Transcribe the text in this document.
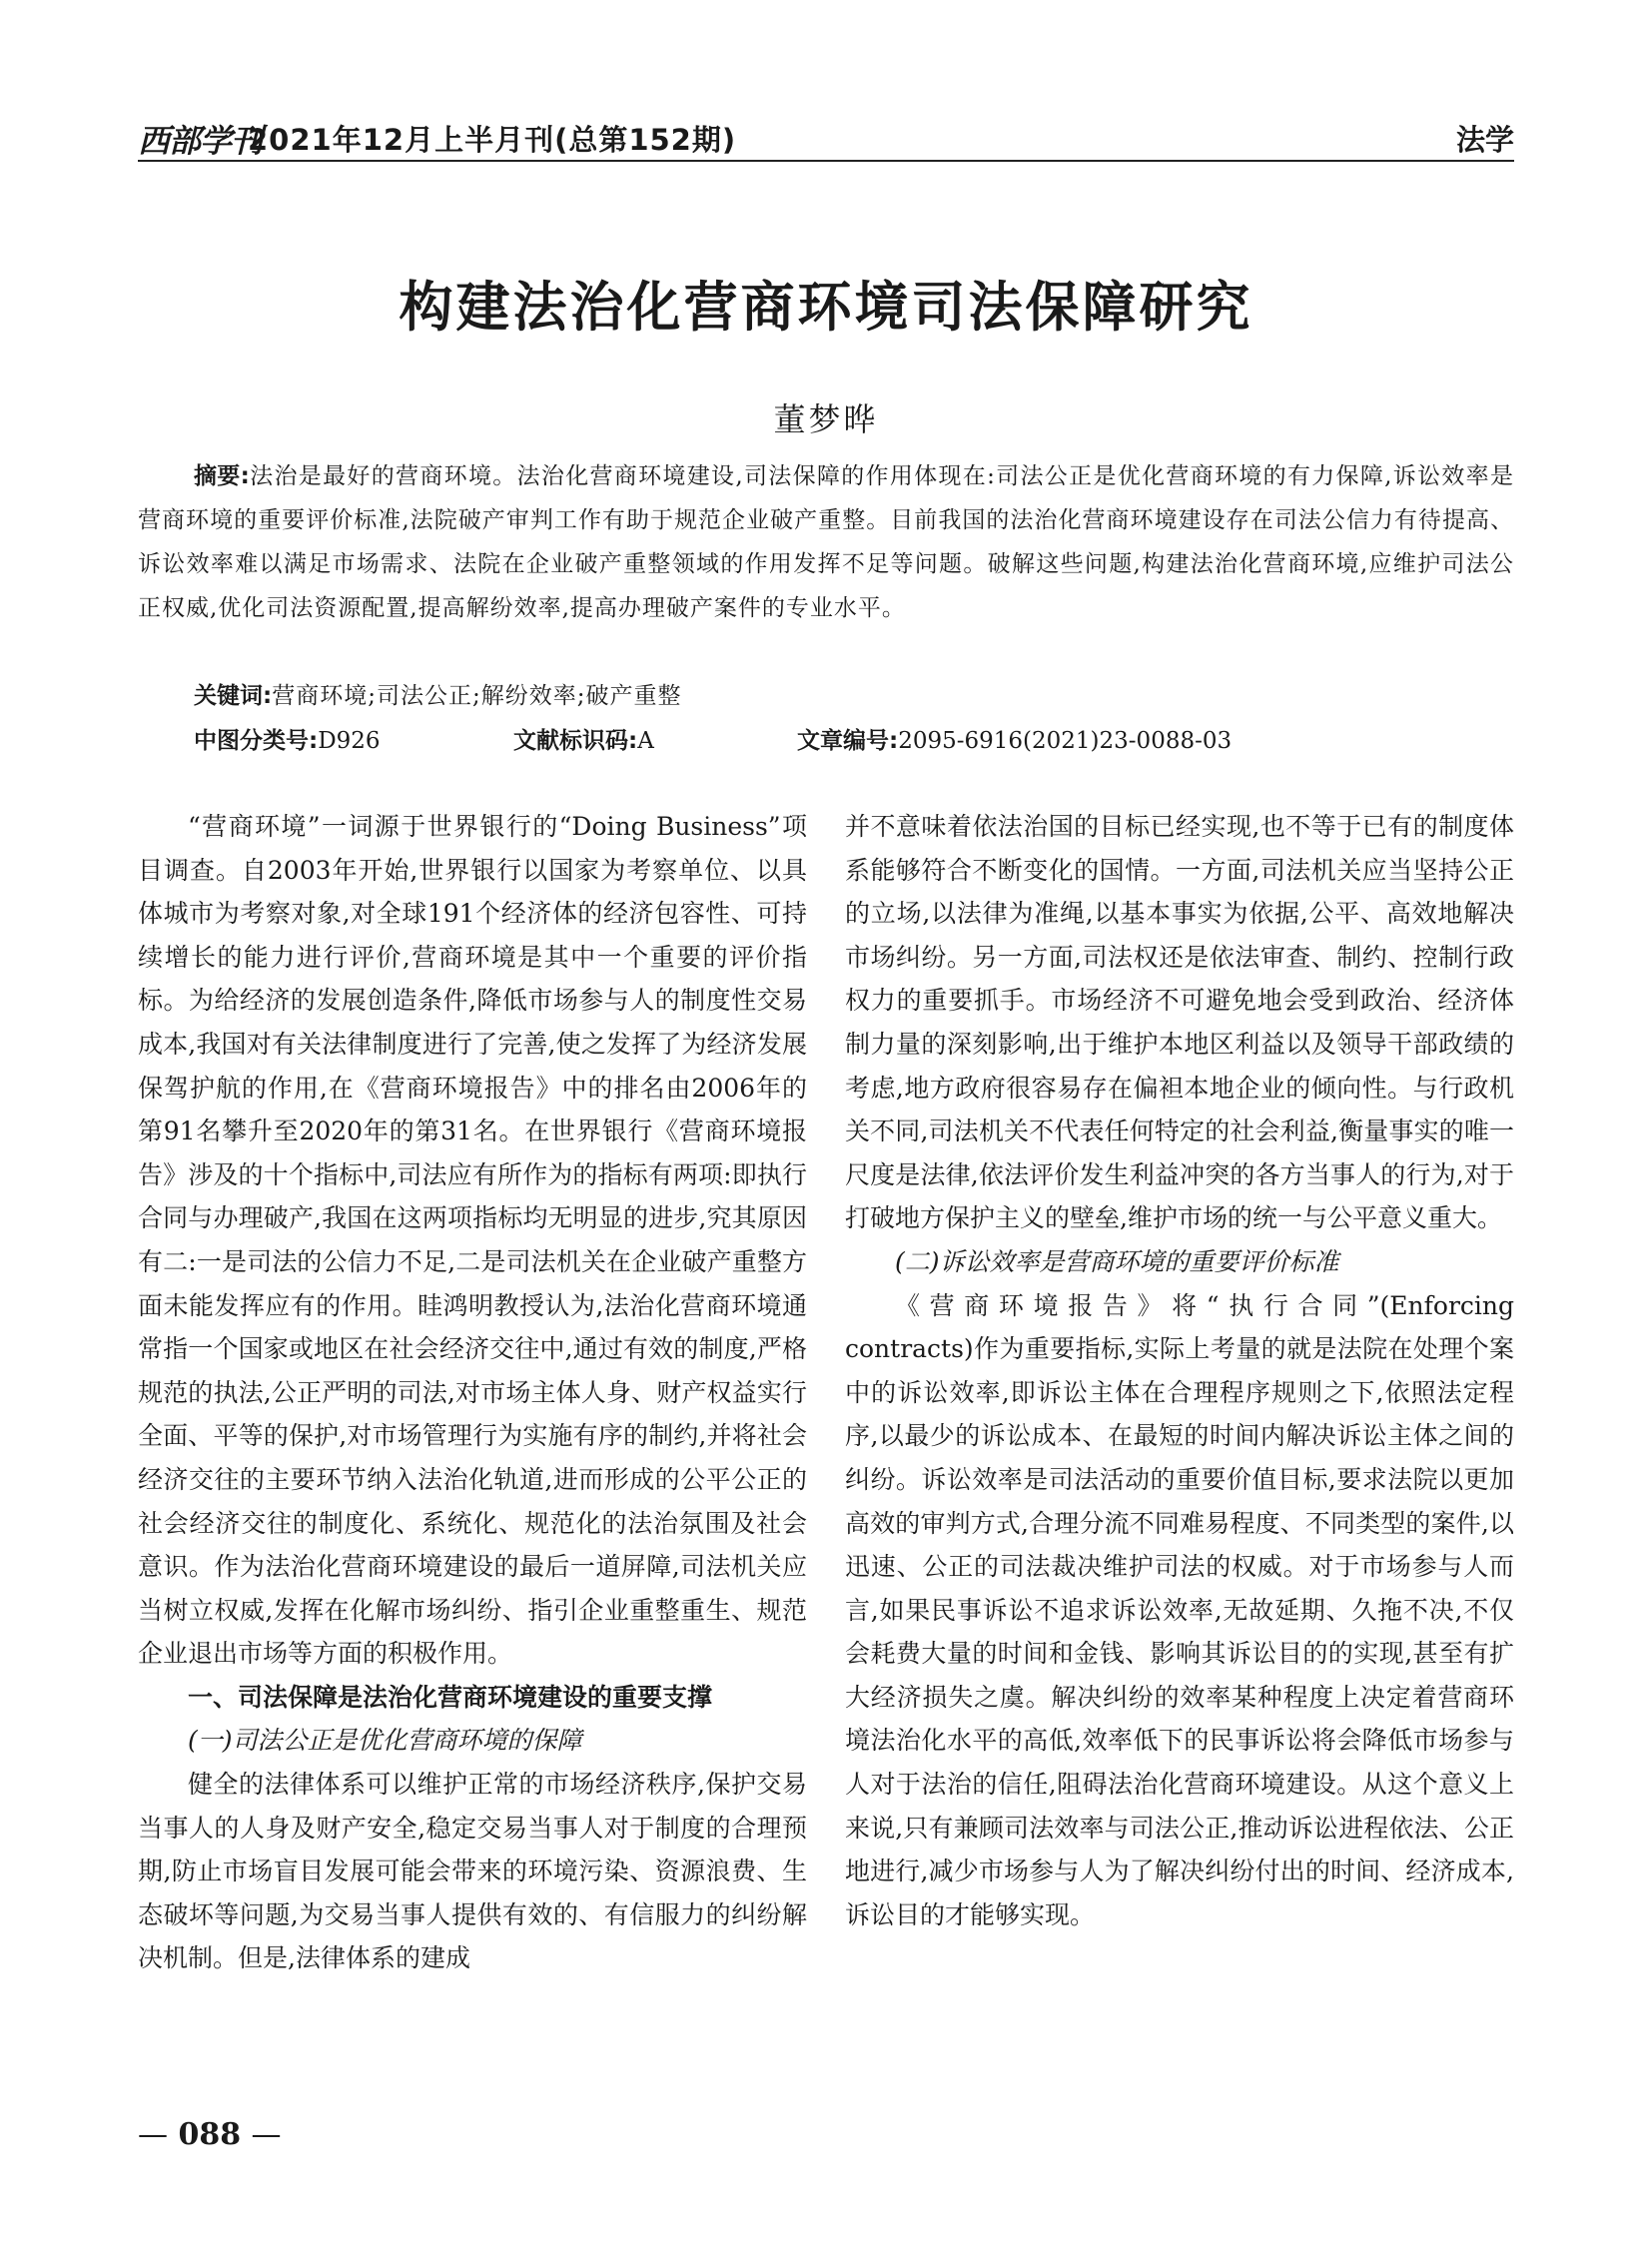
西部学刊
2021年12月上半月刊(总第152期)	法学
构建法治化营商环境司法保障研究
董梦晔

摘要:法治是最好的营商环境。法治化营商环境建设,司法保障的作用体现在:司法公正是优化营商环境的有力保障,诉讼效率是营商环境的重要评价标准,法院破产审判工作有助于规范企业破产重整。目前我国的法治化营商环境建设存在司法公信力有待提高、诉讼效率难以满足市场需求、法院在企业破产重整领域的作用发挥不足等问题。破解这些问题,构建法治化营商环境,应维护司法公正权威,优化司法资源配置,提高解纷效率,提高办理破产案件的专业水平。

关键词:营商环境;司法公正;解纷效率;破产重整
中图分类号:D926	文献标识码:A	文章编号:2095-6916(2021)23-0088-03

“营商环境”一词源于世界银行的“Doing Business”项目调查。自2003年开始,世界银行以国家为考察单位、以具体城市为考察对象,对全球191个经济体的经济包容性、可持续增长的能力进行评价,营商环境是其中一个重要的评价指标。为给经济的发展创造条件,降低市场参与人的制度性交易成本,我国对有关法律制度进行了完善,使之发挥了为经济发展保驾护航的作用,在《营商环境报告》中的排名由2006年的第91名攀升至2020年的第31名。在世界银行《营商环境报告》涉及的十个指标中,司法应有所作为的指标有两项:即执行合同与办理破产,我国在这两项指标均无明显的进步,究其原因有二:一是司法的公信力不足,二是司法机关在企业破产重整方面未能发挥应有的作用。眭鸿明教授认为,法治化营商环境通常指一个国家或地区在社会经济交往中,通过有效的制度,严格规范的执法,公正严明的司法,对市场主体人身、财产权益实行全面、平等的保护,对市场管理行为实施有序的制约,并将社会经济交往的主要环节纳入法治化轨道,进而形成的公平公正的社会经济交往的制度化、系统化、规范化的法治氛围及社会意识。作为法治化营商环境建设的最后一道屏障,司法机关应当树立权威,发挥在化解市场纠纷、指引企业重整重生、规范企业退出市场等方面的积极作用。

一、司法保障是法治化营商环境建设的重要支撑

(一)司法公正是优化营商环境的保障

健全的法律体系可以维护正常的市场经济秩序,保护交易当事人的人身及财产安全,稳定交易当事人对于制度的合理预期,防止市场盲目发展可能会带来的环境污染、资源浪费、生态破坏等问题,为交易当事人提供有效的、有信服力的纠纷解决机制。但是,法律体系的建成

并不意味着依法治国的目标已经实现,也不等于已有的制度体系能够符合不断变化的国情。一方面,司法机关应当坚持公正的立场,以法律为准绳,以基本事实为依据,公平、高效地解决市场纠纷。另一方面,司法权还是依法审查、制约、控制行政权力的重要抓手。市场经济不可避免地会受到政治、经济体制力量的深刻影响,出于维护本地区利益以及领导干部政绩的考虑,地方政府很容易存在偏袒本地企业的倾向性。与行政机关不同,司法机关不代表任何特定的社会利益,衡量事实的唯一尺度是法律,依法评价发生利益冲突的各方当事人的行为,对于打破地方保护主义的壁垒,维护市场的统一与公平意义重大。

(二)诉讼效率是营商环境的重要评价标准

《营商环境报告》将“执行合同”(Enforcing contracts)作为重要指标,实际上考量的就是法院在处理个案中的诉讼效率,即诉讼主体在合理程序规则之下,依照法定程序,以最少的诉讼成本、在最短的时间内解决诉讼主体之间的纠纷。诉讼效率是司法活动的重要价值目标,要求法院以更加高效的审判方式,合理分流不同难易程度、不同类型的案件,以迅速、公正的司法裁决维护司法的权威。对于市场参与人而言,如果民事诉讼不追求诉讼效率,无故延期、久拖不决,不仅会耗费大量的时间和金钱、影响其诉讼目的的实现,甚至有扩大经济损失之虞。解决纠纷的效率某种程度上决定着营商环境法治化水平的高低,效率低下的民事诉讼将会降低市场参与人对于法治的信任,阻碍法治化营商环境建设。从这个意义上来说,只有兼顾司法效率与司法公正,推动诉讼进程依法、公正地进行,减少市场参与人为了解决纠纷付出的时间、经济成本,诉讼目的才能够实现。

— 088 —
